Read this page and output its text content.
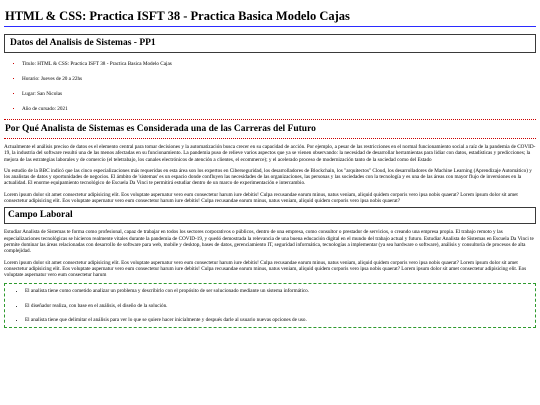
HTML & CSS: Practica ISFT 38 - Practica Basica Modelo Cajas
Datos del Analisis de Sistemas - PP1
▪ Titulo: HTML & CSS: Practica ISFT 38 - Practica Basica Modelo Cajas
▪ Horario: Jueves de 20 a 22hs
▪ Lugar: San Nicolas
▪ Año de cursado: 2021
Por Qué Analista de Sistemas es Considerada una de las Carreras del Futuro

Actualmente el análisis preciso de datos es el elemento central para tomar decisiones y la automatización busca crecer en su capacidad de acción. Por ejemplo, a pesar de las restricciones en el normal funcionamiento social a raíz de la pandemia de COVID-19, la industria del software resultó una de las menos afectadas en su funcionamiento. La pandemia puso de relieve varios aspectos que ya se vienen observando: la necesidad de desarrollar herramientas para lidiar con datos, estadísticas y predicciones; la mejora de las estrategias laborales y de comercio (el teletrabajo, los canales electrónicos de atención a clientes, el ecommerce); y el acelerado proceso de modernización tanto de la sociedad como del Estado

Un estudio de la BBC indicó que las cinco especializaciones más requeridas en esta área son los expertos en Ciberseguridad, los desarrolladores de Blockchain, los "arquitectos" Cloud, los desarrolladores de Machine Learning (Aprendizaje Automático) y los analistas de datos y oportunidades de negocios. El ámbito de 'sistemas' es un espacio donde confluyen las necesidades de las organizaciones, las personas y las sociedades con la tecnología y es una de las áreas con mayor flujo de inversiones en la actualidad. El enorme equipamiento tecnológico de Escuela Da Vinci te permitirá estudiar dentro de un marco de experimentación e intercambio.

Lorem ipsum dolor sit amet consectetur adipisicing elit. Eos voluptate aspernatur vero eum consectetur harum iure debitis! Culpa recusandae earum minus, natus veniam, aliquid quidem corporis vero ipsa nobis quaerat? Lorem ipsum dolor sit amet consectetur adipisicing elit. Eos voluptate aspernatur vero eum consectetur harum iure debitis! Culpa recusandae earum minus, natus veniam, aliquid quidem corporis vero ipsa nobis quaerat?

Campo Laboral

Estudiar Analista de Sistemas te forma como profesional, capaz de trabajar en todos los sectores corporativos o públicos, dentro de una empresa, como consultor o prestador de servicios, o creando una empresa propia. El trabajo remoto y las especializaciones tecnológicas se hicieron realmente vitales durante la pandemia de COVID-19, y quedó demostrada la relevancia de una buena educación digital en el mundo del trabajo actual y futuro. Estudiar Analista de Sistemas en Escuela Da Vinci te permite dominar las áreas relacionadas con desarrollo de software para web, mobile y desktop, bases de datos, gerenciamiento IT, seguridad informática, tecnologías a implementar (ya sea hardware o software), análisis y consultoría de procesos de alta complejidad.

Lorem ipsum dolor sit amet consectetur adipisicing elit. Eos voluptate aspernatur vero eum consectetur harum iure debitis! Culpa recusandae earum minus, natus veniam, aliquid quidem corporis vero ipsa nobis quaerat? Lorem ipsum dolor sit amet consectetur adipisicing elit. Eos voluptate aspernatur vero eum consectetur harum iure debitis! Culpa recusandae earum minus, natus veniam, aliquid quidem corporis vero ipsa nobis quaerat? Lorem ipsum dolor sit amet consectetur adipisicing elit. Eos voluptate aspernatur vero eum consectetur harum

• El analista tiene como cometido analizar un problema y describirlo con el propósito de ser solucionado mediante un sistema informático.
• El diseñador realiza, con base en el análisis, el diseño de la solución.
• El analista tiene que delimitar el análisis para ver lo que se quiere hacer inicialmente y después darle al usuario nuevas opciones de uso.
